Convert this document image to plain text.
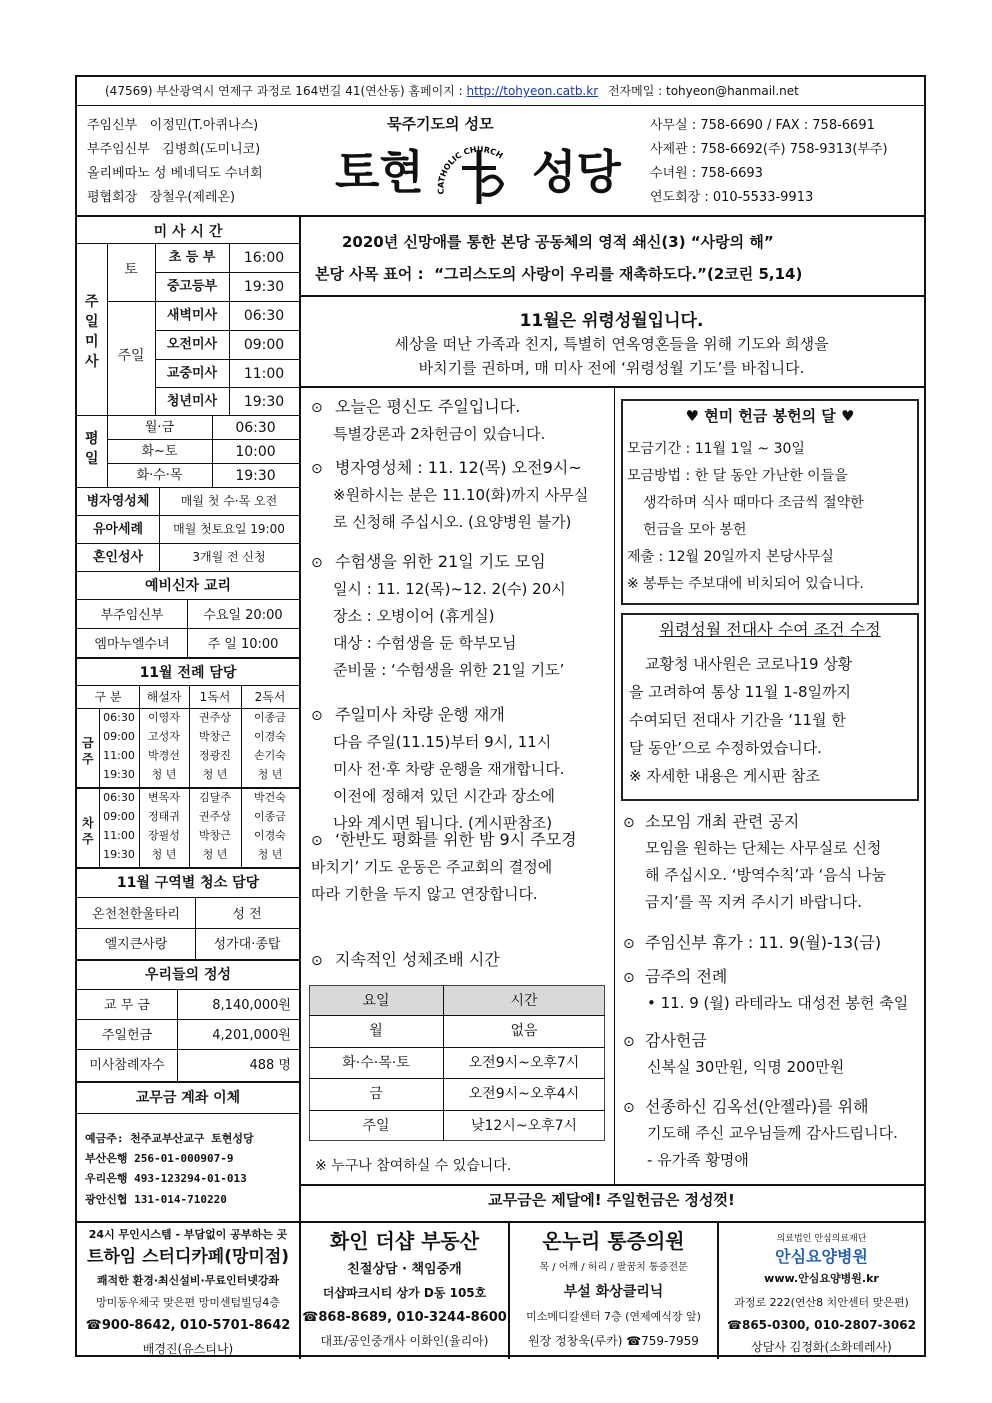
(47569) 부산광역시 연제구 과정로 164번길 41(연산동) 홈페이지 : http://tohyeon.catb.kr 전자메일 : tohyeon@hanmail.net
주임신부 이정민(T.아퀴나스)
부주임신부 김병희(도미니코)
올리베따노 성 베네딕도 수녀회
평협회장 장철우(제레온)
묵주기도의 성모
토현 CATHOLIC CHURCH 성당
사무실 : 758-6690 / FAX : 758-6691
사제관 : 758-6692(주) 758-9313(부주)
수녀원 : 758-6693
연도회장 : 010-5533-9913
미 사 시 간
주일미사
토
주일
초 등 부	16:00
중고등부	19:30
새벽미사	06:30
오전미사	09:00
교중미사	11:00
청년미사	19:30
평일
월·금	06:30
화~토	10:00
화·수·목	19:30
병자영성체	매월 첫 수·목 오전
유아세례	매월 첫토요일 19:00
혼인성사	3개월 전 신청
예비신자 교리
부주임신부	수요일 20:00
엠마누엘수녀	주 일 10:00
11월 전례 담당
구 분	해설자	1독서	2독서
금주
06:30	이영자	권주상	이종금
09:00	고성자	박창근	이경숙
11:00	박경선	정광진	손기숙
19:30	청 년	청 년	청 년
차주
06:30	변목자	김달주	박건숙
09:00	정태귀	권주상	이종금
11:00	장필성	박창근	이경숙
19:30	청 년	청 년	청 년
11월 구역별 청소 담당
온천천한울타리	성 전
엘지큰사랑	성가대·종탑
우리들의 정성
교 무 금	8,140,000원
주일헌금	4,201,000원
미사참례자수	488 명
교무금 계좌 이체
예금주: 천주교부산교구 토현성당
부산은행 256-01-000907-9
우리은행 493-123294-01-013
광안신협 131-014-710220
2020년 신망애를 통한 본당 공동체의 영적 쇄신(3) “사랑의 해”
본당 사목 표어 : “그리스도의 사랑이 우리를 재촉하도다.”(2코린 5,14)
11월은 위령성월입니다.
세상을 떠난 가족과 친지, 특별히 연옥영혼들을 위해 기도와 희생을
바치기를 권하며, 매 미사 전에 ‘위령성월 기도’를 바칩니다.
⊙ 오늘은 평신도 주일입니다.
특별강론과 2차헌금이 있습니다.
⊙ 병자영성체 : 11. 12(목) 오전9시~
※원하시는 분은 11.10(화)까지 사무실
로 신청해 주십시오. (요양병원 불가)
⊙ 수험생을 위한 21일 기도 모임
일시 : 11. 12(목)~12. 2(수) 20시
장소 : 오병이어 (휴게실)
대상 : 수험생을 둔 학부모님
준비물 : ‘수험생을 위한 21일 기도’
⊙ 주일미사 차량 운행 재개
다음 주일(11.15)부터 9시, 11시
미사 전·후 차량 운행을 재개합니다.
이전에 정해져 있던 시간과 장소에
나와 계시면 됩니다. (게시판참조)
⊙ ‘한반도 평화를 위한 밤 9시 주모경
바치기’ 기도 운동은 주교회의 결정에
따라 기한을 두지 않고 연장합니다.
⊙ 지속적인 성체조배 시간
요일	시간
월	없음
화·수·목·토	오전9시~오후7시
금	오전9시~오후4시
주일	낮12시~오후7시
※ 누구나 참여하실 수 있습니다.
♥ 현미 헌금 봉헌의 달 ♥
모금기간 : 11월 1일 ~ 30일
모금방법 : 한 달 동안 가난한 이들을
생각하며 식사 때마다 조금씩 절약한
헌금을 모아 봉헌
제출 : 12월 20일까지 본당사무실
※ 봉투는 주보대에 비치되어 있습니다.
위령성월 전대사 수여 조건 수정
교황청 내사원은 코로나19 상황
을 고려하여 통상 11월 1-8일까지
수여되던 전대사 기간을 ‘11월 한
달 동안’으로 수정하였습니다.
※ 자세한 내용은 게시판 참조
⊙ 소모임 개최 관련 공지
모임을 원하는 단체는 사무실로 신청
해 주십시오. ‘방역수칙’과 ‘음식 나눔
금지’를 꼭 지켜 주시기 바랍니다.
⊙ 주임신부 휴가 : 11. 9(월)-13(금)
⊙ 금주의 전례
• 11. 9 (월) 라테라노 대성전 봉헌 축일
⊙ 감사헌금
신복실 30만원, 익명 200만원
⊙ 선종하신 김옥선(안젤라)를 위해
기도해 주신 교우님들께 감사드립니다.
- 유가족 황명애
교무금은 제달에! 주일헌금은 정성껏!
24시 무인시스템 - 부담없이 공부하는 곳
트하임 스터디카페(망미점)
쾌적한 환경·최신설비·무료인터넷강좌
망미동우체국 맞은편 망미센텀빌딩4층
☎900-8642, 010-5701-8642
배경진(유스티나)
화인 더샵 부동산
친절상담 · 책임중개
더샵파크시티 상가 D동 105호
☎868-8689, 010-3244-8600
대표/공인중개사 이화인(율리아)
온누리 통증의원
목 / 어깨 / 허리 / 팔꿈치 통증전문
부설 화상클리닉
미소메디칼센터 7층 (연제예식장 앞)
원장 정창욱(루카) ☎759-7959
의료법인 안심의료재단
안심요양병원
www.안심요양병원.kr
과정로 222(연산8 치안센터 맞은편)
☎865-0300, 010-2807-3062
상담사 김정화(소화데레사)
